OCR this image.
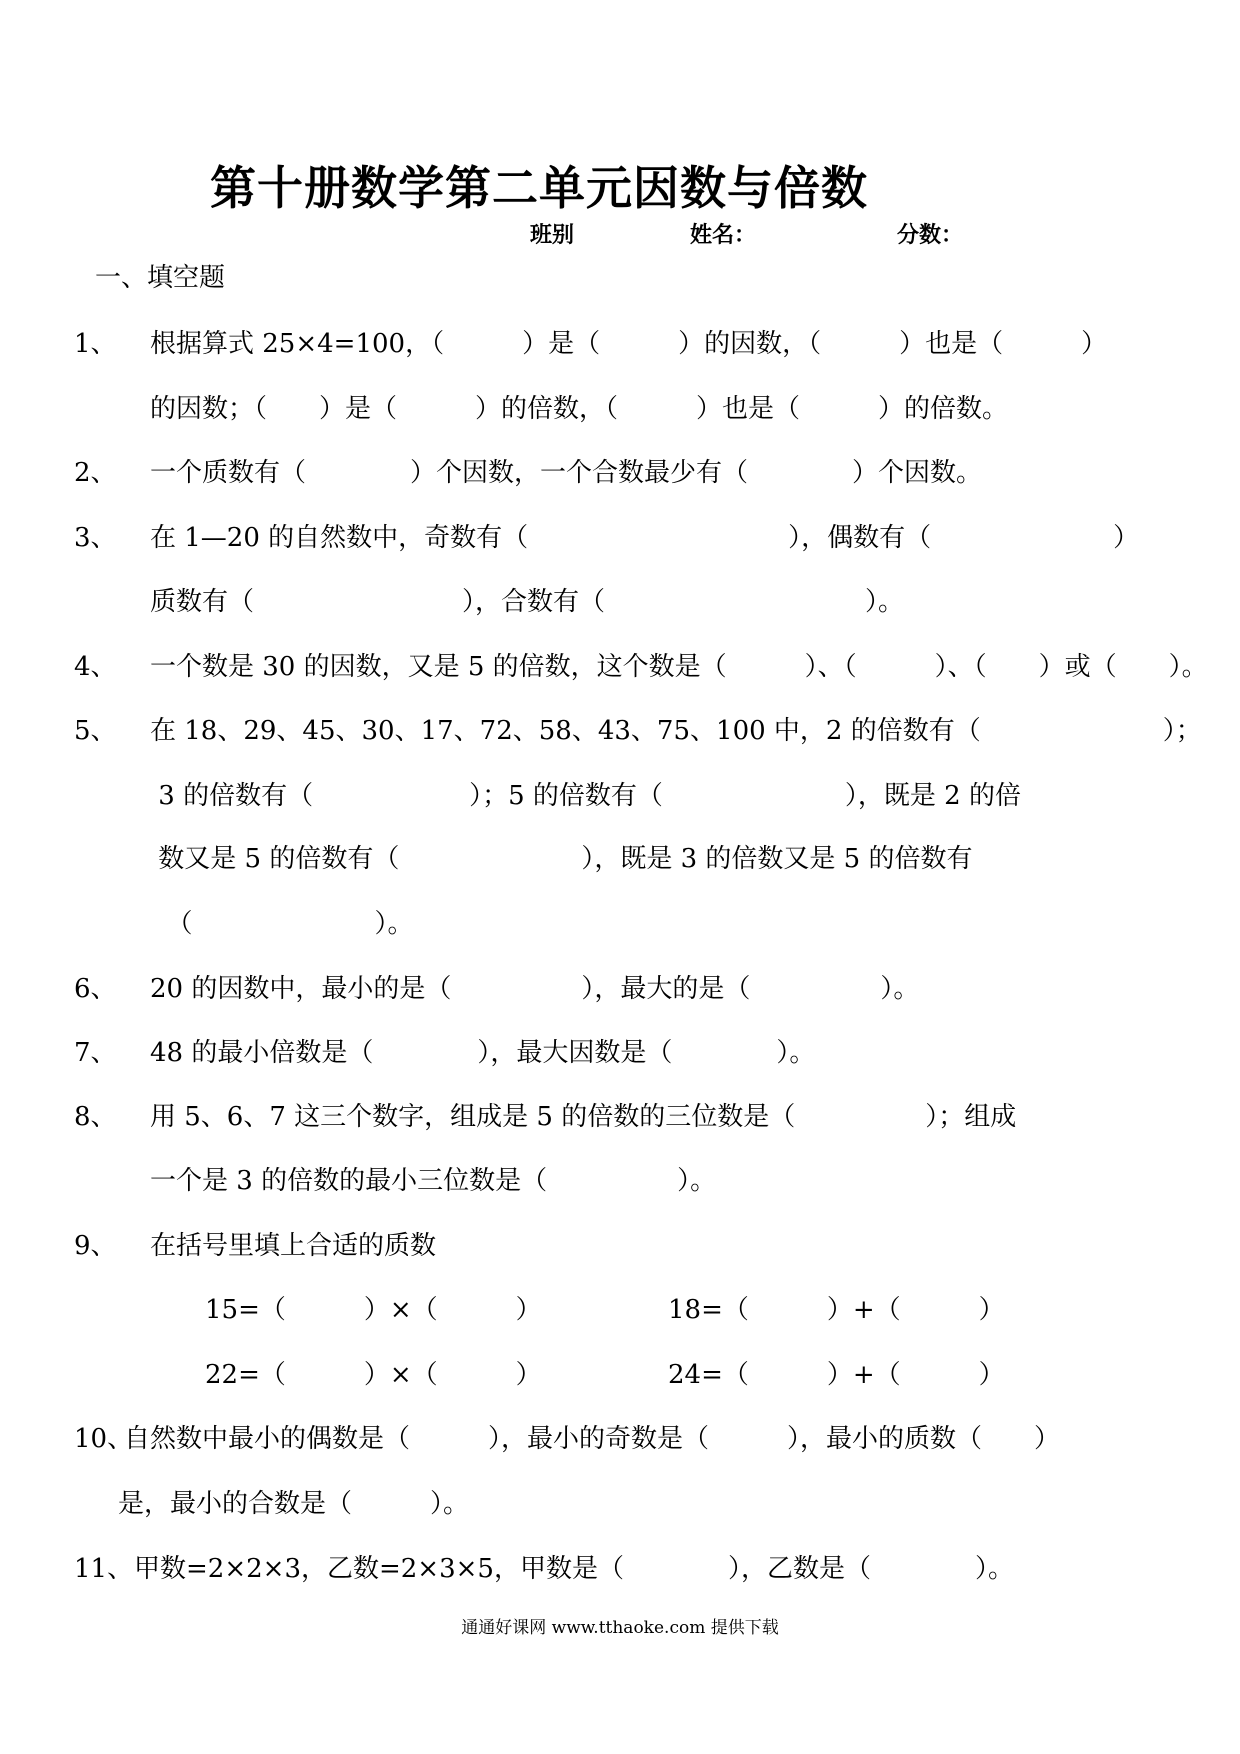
第十册数学第二单元因数与倍数
班别	姓名：	分数：
一、填空题
1、 根据算式 25×4=100，（　　　）是（　　　）的因数，（　　　）也是（　　　）
的因数；（　　）是（　　　）的倍数，（　　　）也是（　　　）的倍数。
2、 一个质数有（　　　　）个因数，一个合数最少有（　　　　）个因数。
3、 在 1—20 的自然数中，奇数有（　　　　　　　　　　），偶数有（　　　　　　　）
质数有（　　　　　　　　），合数有（　　　　　　　　　　）。
4、 一个数是 30 的因数，又是 5 的倍数，这个数是（　　　）、（　　　）、（　　）或（　　）。
5、 在 18、29、45、30、17、72、58、43、75、100 中，2 的倍数有（　　　　　　　）；
3 的倍数有（　　　　　　）；5 的倍数有（　　　　　　　），既是 2 的倍
数又是 5 的倍数有（　　　　　　　），既是 3 的倍数又是 5 的倍数有
（　　　　　　　）。
6、 20 的因数中，最小的是（　　　　　），最大的是（　　　　　）。
7、 48 的最小倍数是（　　　　），最大因数是（　　　　）。
8、 用 5、6、7 这三个数字，组成是 5 的倍数的三位数是（　　　　　）；组成
一个是 3 的倍数的最小三位数是（　　　　　）。
9、 在括号里填上合适的质数
15=（　　　）×（　　　）	18=（　　　）+（　　　）
22=（　　　）×（　　　）	24=（　　　）+（　　　）
10、
自然数中最小的偶数是（　　　），最小的奇数是（　　　），最小的质数（　　）
是，最小的合数是（　　　）。
11、 甲数=2×2×3，乙数=2×3×5，甲数是（　　　　），乙数是（　　　　）。
通通好课网 www.tthaoke.com 提供下载
